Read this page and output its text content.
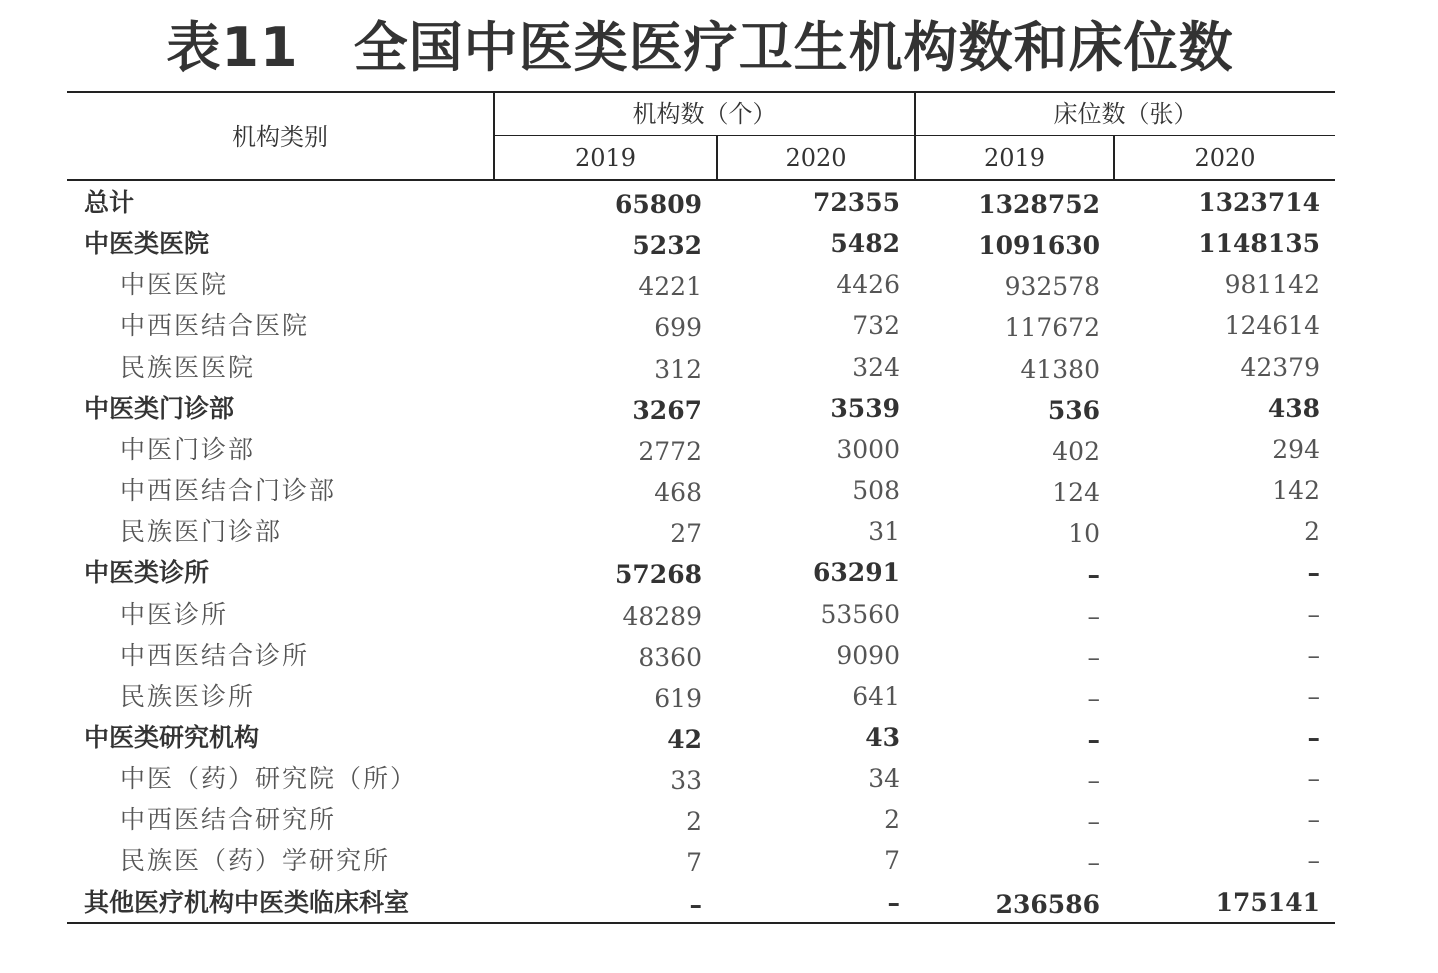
表11　全国中医类医疗卫生机构数和床位数
机构类别
机构数（个）	床位数（张）
2019	2020	2019	2020
总计	65809	72355	1328752	1323714
中医类医院	5232	5482	1091630	1148135
中医医院	4221	4426	932578	981142
中西医结合医院	699	732	117672	124614
民族医医院	312	324	41380	42379
中医类门诊部	3267	3539	536	438
中医门诊部	2772	3000	402	294
中西医结合门诊部	468	508	124	142
民族医门诊部	27	31	10	2
中医类诊所	57268	63291	–	–
中医诊所	48289	53560	–	–
中西医结合诊所	8360	9090	–	–
民族医诊所	619	641	–	–
中医类研究机构	42	43	–	–
中医（药）研究院（所）	33	34	–	–
中西医结合研究所	2	2	–	–
民族医（药）学研究所	7	7	–	–
其他医疗机构中医类临床科室	–	–	236586	175141
